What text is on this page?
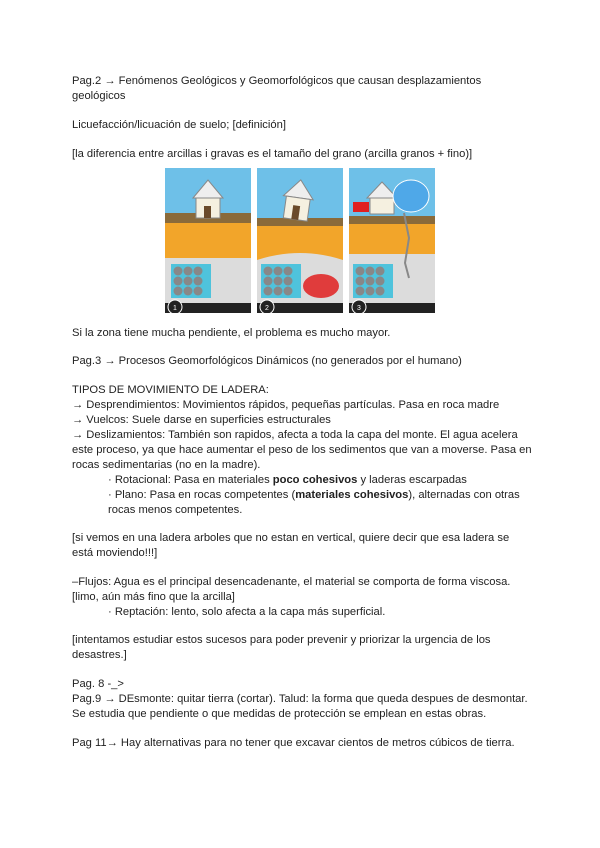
Pag.2 → Fenómenos Geológicos y Geomorfológicos que causan desplazamientos geológicos
Licuefacción/licuación de suelo; [definición]
[la diferencia entre arcillas i gravas es el tamaño del grano (arcilla granos + fino)]
1	2	3
Si la zona tiene mucha pendiente, el problema es mucho mayor.
Pag.3 → Procesos Geomorfológicos Dinámicos (no generados por el humano)
TIPOS DE MOVIMIENTO DE LADERA:
→ Desprendimientos: Movimientos rápidos, pequeñas partículas. Pasa en roca madre
→ Vuelcos: Suele darse en superficies estructurales
→ Deslizamientos: También son rapidos, afecta a toda la capa del monte. El agua acelera este proceso, ya que hace aumentar el peso de los sedimentos que van a moverse. Pasa en rocas sedimentarias (no en la madre).
· Rotacional: Pasa en materiales poco cohesivos y laderas escarpadas
· Plano: Pasa en rocas competentes (materiales cohesivos), alternadas con otras rocas menos competentes.
[si vemos en una ladera arboles que no estan en vertical, quiere decir que esa ladera se está moviendo!!!]
–Flujos: Agua es el principal desencadenante, el material se comporta de forma viscosa. [limo, aún más fino que la arcilla]
· Reptación: lento, solo afecta a la capa más superficial.
[intentamos estudiar estos sucesos para poder prevenir y priorizar la urgencia de los desastres.]
Pag. 8 -_>
Pag.9 → DEsmonte: quitar tierra (cortar). Talud: la forma que queda despues de desmontar. Se estudia que pendiente o que medidas de protección se emplean en estas obras.
Pag 11→ Hay alternativas para no tener que excavar cientos de metros cúbicos de tierra.
